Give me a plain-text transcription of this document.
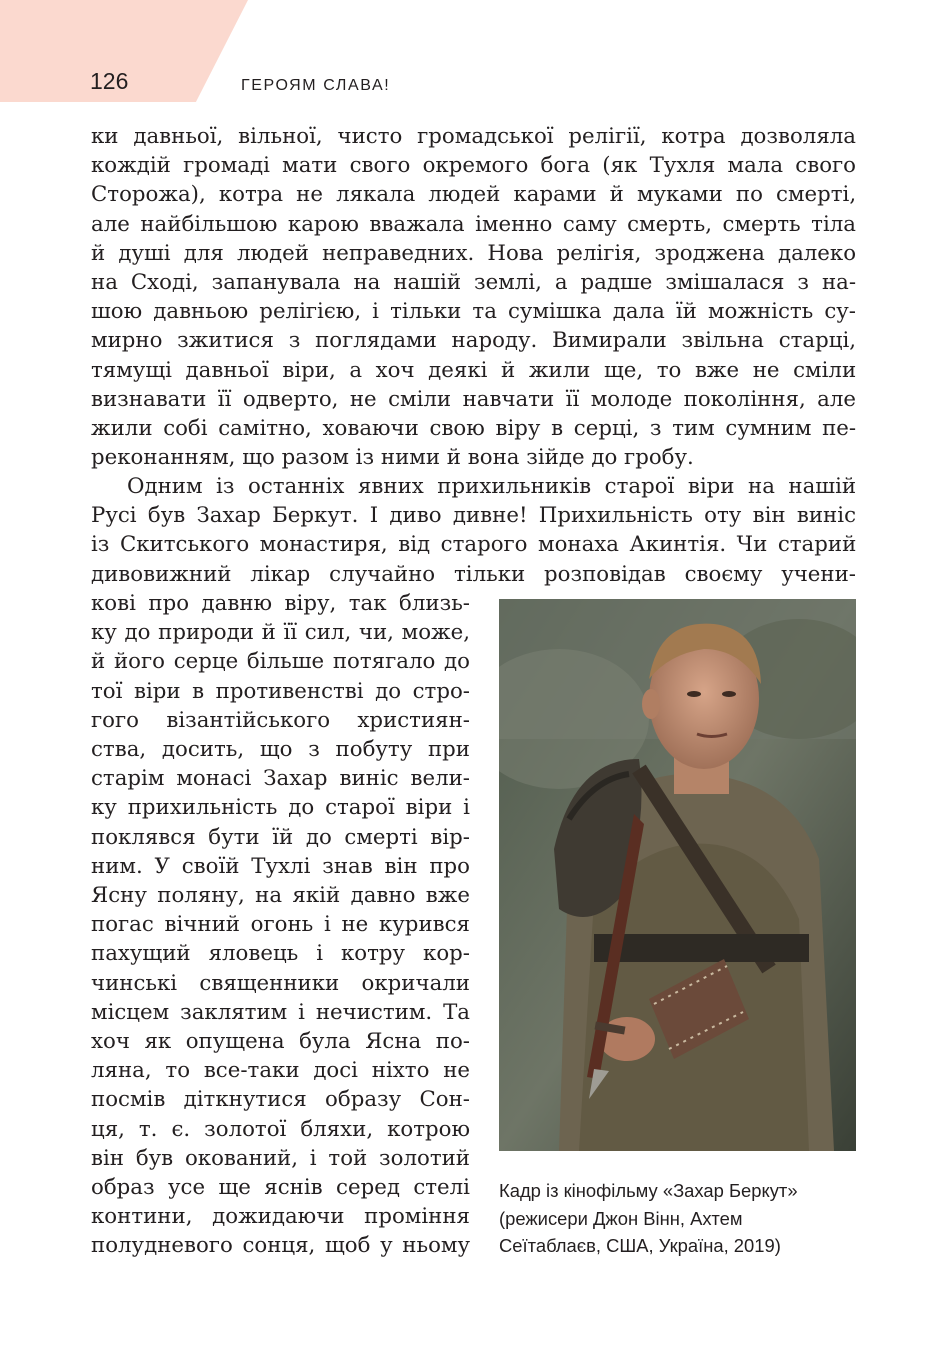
126	ГЕРОЯМ СЛАВА!
ки давньої, вільної, чисто громадської релігії, котра дозволяла
кождій громаді мати свого окремого бога (як Тухля мала свого
Сторожа), котра не лякала людей карами й муками по смерті,
але найбільшою карою вважала іменно саму смерть, смерть тіла
й душі для людей неправедних. Нова релігія, зроджена далеко
на Сході, запанувала на нашій землі, а радше змішалася з на-
шою давньою релігією, і тільки та сумішка дала їй можність су-
мирно зжитися з поглядами народу. Вимирали звільна старці,
тямущі давньої віри, а хоч деякі й жили ще, то вже не сміли
визнавати її одверто, не сміли навчати її молоде покоління, але
жили собі самітно, ховаючи свою віру в серці, з тим сумним пе-
реконанням, що разом із ними й вона зійде до гробу.
Одним із останніх явних прихильників старої віри на нашій
Русі був Захар Беркут. І диво дивне! Прихильність оту він виніс
із Скитського монастиря, від старого монаха Акинтія. Чи старий
дивовижний лікар случайно тільки розповідав своєму учени-
кові про давню віру, так близь-
ку до природи й її сил, чи, може,
й його серце більше потягало до
тої віри в противенстві до стро-
гого візантійського християн-
ства, досить, що з побуту при
старім монасі Захар виніс вели-
ку прихильність до старої віри і
поклявся бути їй до смерті вір-
ним. У своїй Тухлі знав він про
Ясну поляну, на якій давно вже
погас вічний огонь і не курився
пахущий яловець і котру кор-
чинські священники окричали
місцем заклятим і нечистим. Та
хоч як опущена була Ясна по-
ляна, то все-таки досі ніхто не
посмів діткнутися образу Сон-
ця, т. є. золотої бляхи, котрою
він був окований, і той золотий
образ усе ще яснів серед стелі
контини, дожидаючи проміння
полудневого сонця, щоб у ньому
Кадр із кінофільму «Захар Беркут»
(режисери Джон Вінн, Ахтем
Сеїтаблаєв, США, Україна, 2019)
